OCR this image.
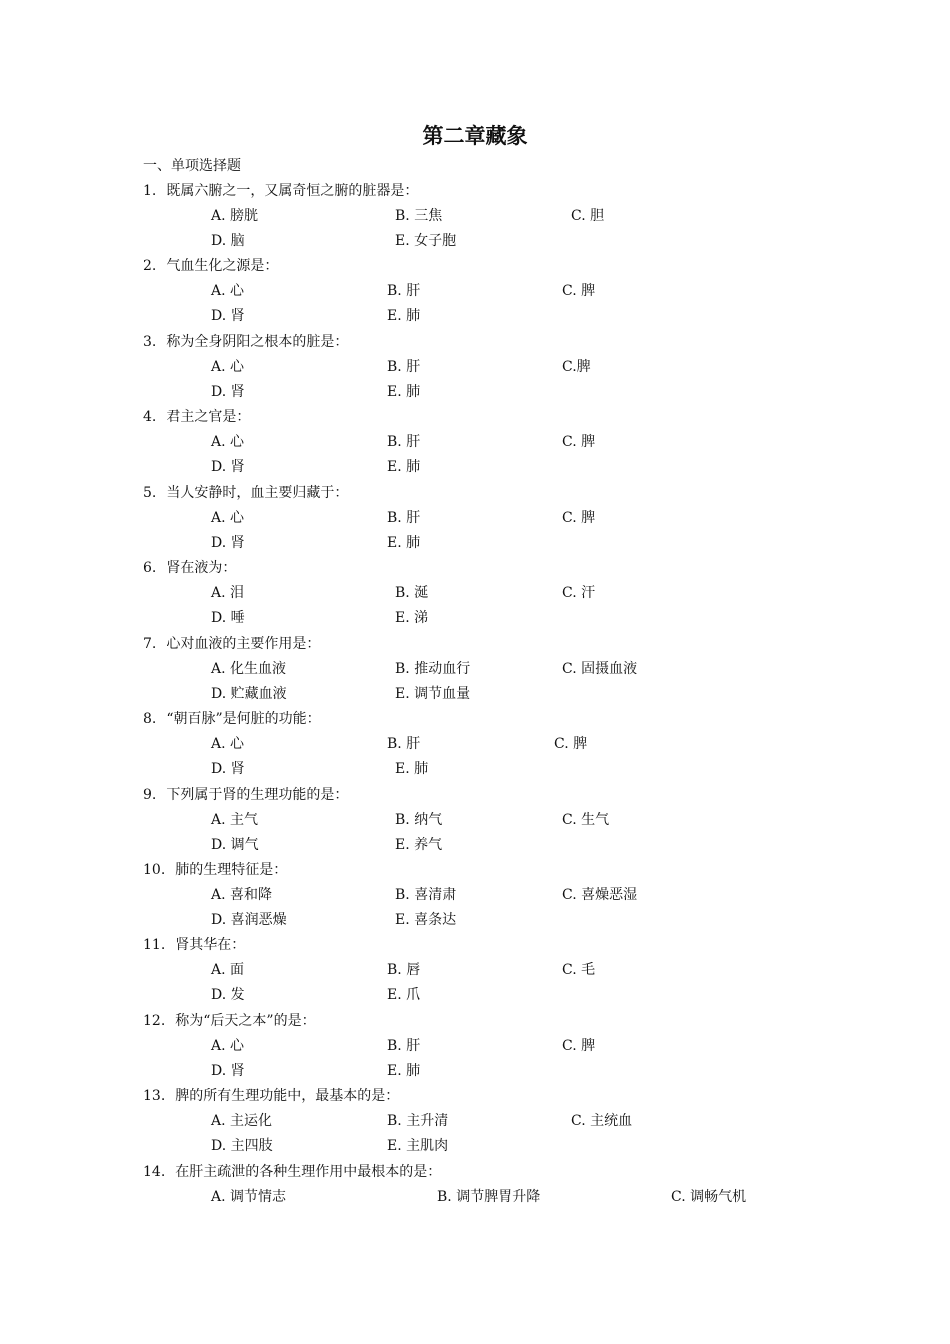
第二章藏象
一、单项选择题
1. 既属六腑之一，又属奇恒之腑的脏器是：
A. 膀胱	B. 三焦	C. 胆
D. 脑	E. 女子胞
2. 气血生化之源是：
A. 心	B. 肝	C. 脾
D. 肾	E. 肺
3. 称为全身阴阳之根本的脏是：
A. 心	B. 肝	C.脾
D. 肾	E. 肺
4. 君主之官是：
A. 心	B. 肝	C. 脾
D. 肾	E. 肺
5. 当人安静时，血主要归藏于：
A. 心	B. 肝	C. 脾
D. 肾	E. 肺
6. 肾在液为：
A. 泪	B. 涎	C. 汗
D. 唾	E. 涕
7. 心对血液的主要作用是：
A. 化生血液	B. 推动血行	C. 固摄血液
D. 贮藏血液	E. 调节血量
8. “朝百脉”是何脏的功能：
A. 心	B. 肝	C. 脾
D. 肾	E. 肺
9. 下列属于肾的生理功能的是：
A. 主气	B. 纳气	C. 生气
D. 调气	E. 养气
10. 肺的生理特征是：
A. 喜和降	B. 喜清肃	C. 喜燥恶湿
D. 喜润恶燥	E. 喜条达
11. 肾其华在：
A. 面	B. 唇	C. 毛
D. 发	E. 爪
12. 称为“后天之本”的是：
A. 心	B. 肝	C. 脾
D. 肾	E. 肺
13. 脾的所有生理功能中，最基本的是：
A. 主运化	B. 主升清	C. 主统血
D. 主四肢	E. 主肌肉
14. 在肝主疏泄的各种生理作用中最根本的是：
A. 调节情志	B. 调节脾胃升降	C. 调畅气机
